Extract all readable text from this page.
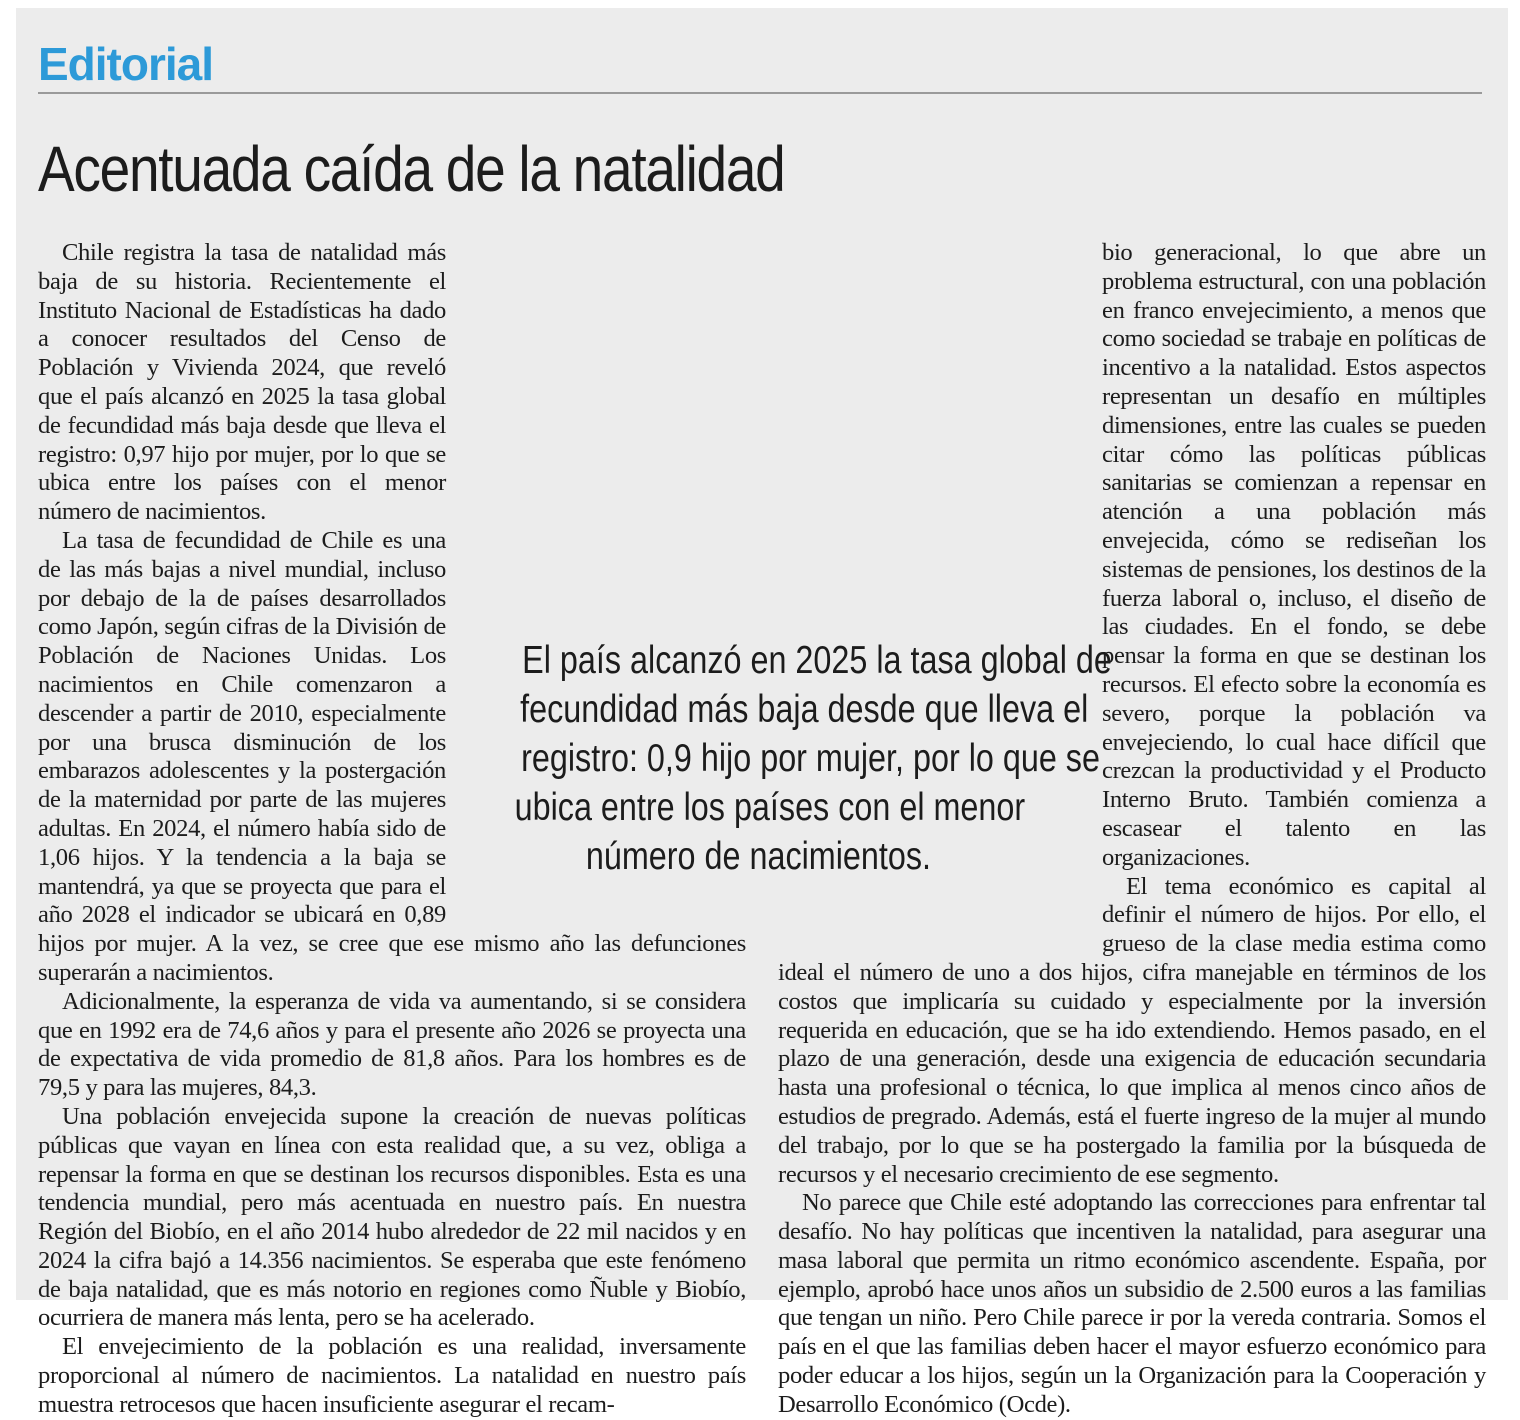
Editorial
Acentuada caída de la natalidad

Chile registra la tasa de natalidad más baja de su historia. Recientemente el Instituto Nacional de Estadísticas ha dado a conocer resultados del Censo de Población y Vivienda 2024, que reveló que el país alcanzó en 2025 la tasa global de fecundidad más baja desde que lleva el registro: 0,97 hijo por mujer, por lo que se ubica entre los países con el menor número de nacimientos.

La tasa de fecundidad de Chile es una de las más bajas a nivel mundial, incluso por debajo de la de países desarrollados como Japón, según cifras de la División de Población de Naciones Unidas. Los nacimientos en Chile comenzaron a descender a partir de 2010, especialmente por una brusca disminución de los embarazos adolescentes y la postergación de la maternidad por parte de las mujeres adultas. En 2024, el número había sido de 1,06 hijos. Y la tendencia a la baja se mantendrá, ya que se proyecta que para el año 2028 el indicador se ubicará en 0,89 hijos por mujer. A la vez, se cree que ese mismo año las defunciones superarán a nacimientos.

Adicionalmente, la esperanza de vida va aumentando, si se considera que en 1992 era de 74,6 años y para el presente año 2026 se proyecta una de expectativa de vida promedio de 81,8 años. Para los hombres es de 79,5 y para las mujeres, 84,3.

Una población envejecida supone la creación de nuevas políticas públicas que vayan en línea con esta realidad que, a su vez, obliga a repensar la forma en que se destinan los recursos disponibles. Esta es una tendencia mundial, pero más acentuada en nuestro país. En nuestra Región del Biobío, en el año 2014 hubo alrededor de 22 mil nacidos y en 2024 la cifra bajó a 14.356 nacimientos. Se esperaba que este fenómeno de baja natalidad, que es más notorio en regiones como Ñuble y Biobío, ocurriera de manera más lenta, pero se ha acelerado.

El envejecimiento de la población es una realidad, inversamente proporcional al número de nacimientos. La natalidad en nuestro país muestra retrocesos que hacen insuficiente asegurar el recam-

bio generacional, lo que abre un problema estructural, con una población en franco envejecimiento, a menos que como sociedad se trabaje en políticas de incentivo a la natalidad. Estos aspectos representan un desafío en múltiples dimensiones, entre las cuales se pueden citar cómo las políticas públicas sanitarias se comienzan a repensar en atención a una población más envejecida, cómo se rediseñan los sistemas de pensiones, los destinos de la fuerza laboral o, incluso, el diseño de las ciudades. En el fondo, se debe pensar la forma en que se destinan los recursos. El efecto sobre la economía es severo, porque la población va envejeciendo, lo cual hace difícil que crezcan la productividad y el Producto Interno Bruto. También comienza a escasear el talento en las organizaciones.

El tema económico es capital al definir el número de hijos. Por ello, el grueso de la clase media estima como ideal el número de uno a dos hijos, cifra manejable en términos de los costos que implicaría su cuidado y especialmente por la inversión requerida en educación, que se ha ido extendiendo. Hemos pasado, en el plazo de una generación, desde una exigencia de educación secundaria hasta una profesional o técnica, lo que implica al menos cinco años de estudios de pregrado. Además, está el fuerte ingreso de la mujer al mundo del trabajo, por lo que se ha postergado la familia por la búsqueda de recursos y el necesario crecimiento de ese segmento.

No parece que Chile esté adoptando las correcciones para enfrentar tal desafío. No hay políticas que incentiven la natalidad, para asegurar una masa laboral que permita un ritmo económico ascendente. España, por ejemplo, aprobó hace unos años un subsidio de 2.500 euros a las familias que tengan un niño. Pero Chile parece ir por la vereda contraria. Somos el país en el que las familias deben hacer el mayor esfuerzo económico para poder educar a los hijos, según un la Organización para la Cooperación y Desarrollo Económico (Ocde).

El país alcanzó en 2025 la tasa global de
fecundidad más baja desde que lleva el
registro: 0,9 hijo por mujer, por lo que se
ubica entre los países con el menor
número de nacimientos.
